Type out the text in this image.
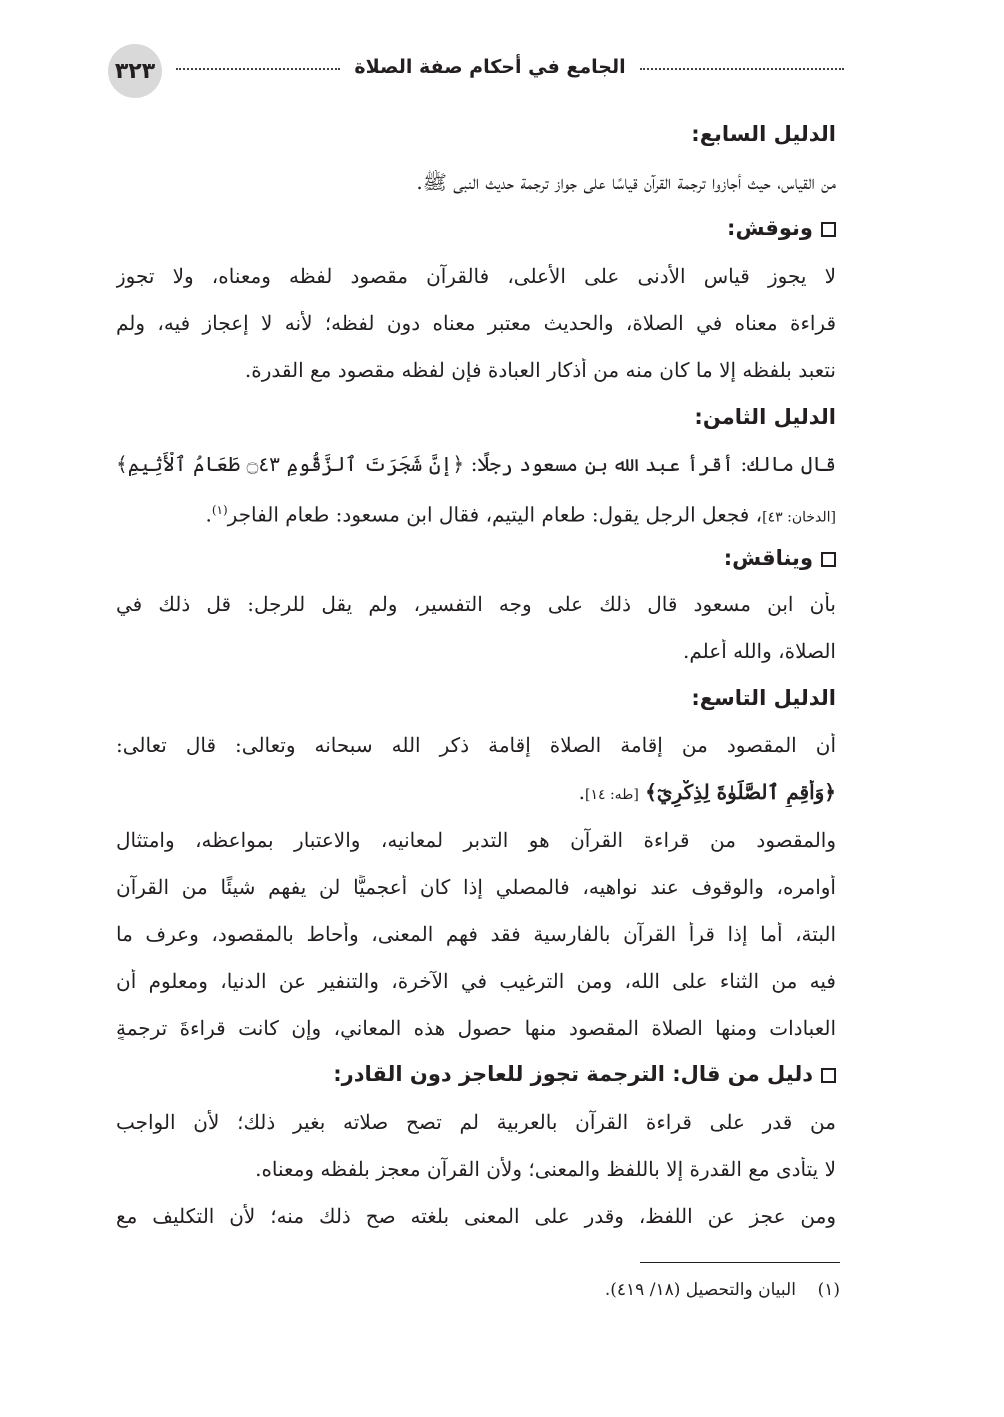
٣٢٣	الجامع في أحكام صفة الصلاة
الدليل السابع:
من القياس، حيث أجازوا ترجمة القرآن قياسًا على جواز ترجمة حديث النبي ﷺ.
ونوقش:
لا يجوز قياس الأدنى على الأعلى، فالقرآن مقصود لفظه ومعناه، ولا تجوز
قراءة معناه في الصلاة، والحديث معتبر معناه دون لفظه؛ لأنه لا إعجاز فيه، ولم
نتعبد بلفظه إلا ما كان منه من أذكار العبادة فإن لفظه مقصود مع القدرة.
الدليل الثامن:
قال مالك: أقرأ عبد الله بن مسعود رجلًا: ﴿إِنَّ شَجَرَتَ ٱلزَّقُّومِ ۝٤٣ طَعَامُ ٱلْأَثِيمِ﴾
[الدخان: ٤٣]، فجعل الرجل يقول: طعام اليتيم، فقال ابن مسعود: طعام الفاجر$^{(١)}$.
ويناقش:
بأن ابن مسعود قال ذلك على وجه التفسير، ولم يقل للرجل: قل ذلك في
الصلاة، والله أعلم.
الدليل التاسع:
أن المقصود من إقامة الصلاة إقامة ذكر الله سبحانه وتعالى: قال تعالى:
﴿وَأَقِمِ ٱلصَّلَوٰةَ لِذِكْرِيٓ﴾ [طه: ١٤].
والمقصود من قراءة القرآن هو التدبر لمعانيه، والاعتبار بمواعظه، وامتثال
أوامره، والوقوف عند نواهيه، فالمصلي إذا كان أعجميًّا لن يفهم شيئًا من القرآن
البتة، أما إذا قرأ القرآن بالفارسية فقد فهم المعنى، وأحاط بالمقصود، وعرف ما
فيه من الثناء على الله، ومن الترغيب في الآخرة، والتنفير عن الدنيا، ومعلوم أن
العبادات ومنها الصلاة المقصود منها حصول هذه المعاني، وإن كانت قراءةَ ترجمةٍ
دليل من قال: الترجمة تجوز للعاجز دون القادر:
من قدر على قراءة القرآن بالعربية لم تصح صلاته بغير ذلك؛ لأن الواجب
لا يتأدى مع القدرة إلا باللفظ والمعنى؛ ولأن القرآن معجز بلفظه ومعناه.
ومن عجز عن اللفظ، وقدر على المعنى بلغته صح ذلك منه؛ لأن التكليف مع
(١)    البيان والتحصيل (١٨/ ٤١٩).
